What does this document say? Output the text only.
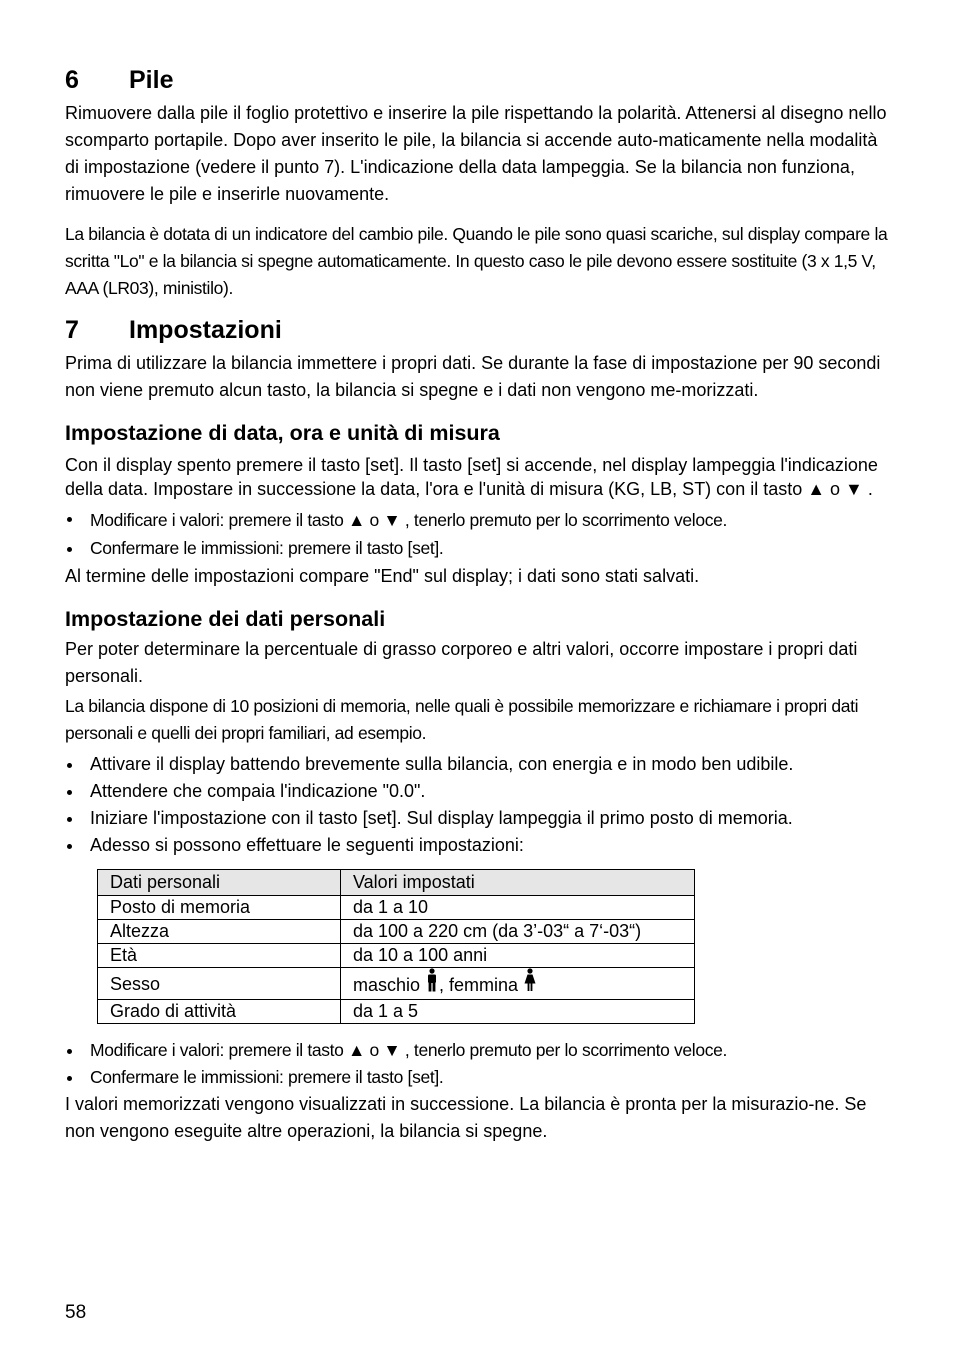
6 Pile

Rimuovere dalla pile il foglio protettivo e inserire la pile rispettando la polarità. Attenersi al disegno nello scomparto portapile. Dopo aver inserito le pile, la bilancia si accende auto-maticamente nella modalità di impostazione (vedere il punto 7). L'indicazione della data lampeggia. Se la bilancia non funziona, rimuovere le pile e inserirle nuovamente.

La bilancia è dotata di un indicatore del cambio pile. Quando le pile sono quasi scariche, sul display compare la scritta "Lo" e la bilancia si spegne automaticamente. In questo caso le pile devono essere sostituite (3 x 1,5 V, AAA (LR03), ministilo).

7 Impostazioni

Prima di utilizzare la bilancia immettere i propri dati. Se durante la fase di impostazione per 90 secondi non viene premuto alcun tasto, la bilancia si spegne e i dati non vengono me-morizzati.

Impostazione di data, ora e unità di misura

Con il display spento premere il tasto [set]. Il tasto [set] si accende, nel display lampeggia l'indicazione della data. Impostare in successione la data, l'ora e l'unità di misura (KG, LB, ST) con il tasto ▲ o ▼ .

Modificare i valori: premere il tasto ▲ o ▼ , tenerlo premuto per lo scorrimento veloce.
Confermare le immissioni: premere il tasto [set].

Al termine delle impostazioni compare "End" sul display; i dati sono stati salvati.

Impostazione dei dati personali

Per poter determinare la percentuale di grasso corporeo e altri valori, occorre impostare i propri dati personali.

La bilancia dispone di 10 posizioni di memoria, nelle quali è possibile memorizzare e richiamare i propri dati personali e quelli dei propri familiari, ad esempio.

Attivare il display battendo brevemente sulla bilancia, con energia e in modo ben udibile.
Attendere che compaia l'indicazione "0.0".
Iniziare l'impostazione con il tasto [set]. Sul display lampeggia il primo posto di memoria.
Adesso si possono effettuare le seguenti impostazioni:
Dati personali	Valori impostati
Posto di memoria	da 1 a 10
Altezza	da 100 a 220 cm (da 3’-03“ a 7‘-03“)
Età	da 10 a 100 anni
Sesso	maschio , femmina
Grado di attività	da 1 a 5
Modificare i valori: premere il tasto ▲ o ▼ , tenerlo premuto per lo scorrimento veloce.
Confermare le immissioni: premere il tasto [set].

I valori memorizzati vengono visualizzati in successione. La bilancia è pronta per la misurazio-ne. Se non vengono eseguite altre operazioni, la bilancia si spegne.

58
